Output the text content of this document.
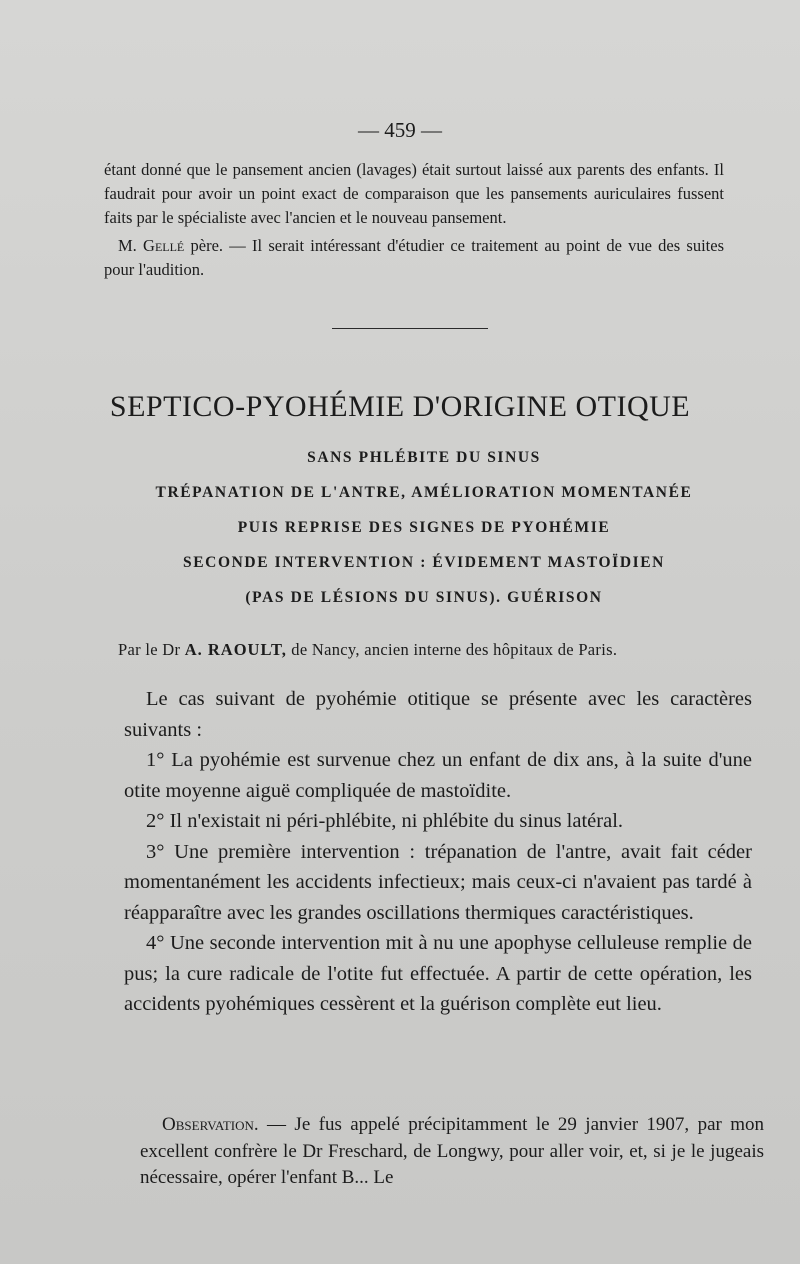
— 459 —

étant donné que le pansement ancien (lavages) était surtout laissé aux parents des enfants. Il faudrait pour avoir un point exact de comparaison que les pansements auriculaires fussent faits par le spécialiste avec l'ancien et le nouveau pansement.

M. Gellé père. — Il serait intéressant d'étudier ce traitement au point de vue des suites pour l'audition.

SEPTICO-PYOHÉMIE D'ORIGINE OTIQUE
SANS PHLÉBITE DU SINUS
TRÉPANATION DE L'ANTRE, AMÉLIORATION MOMENTANÉE
PUIS REPRISE DES SIGNES DE PYOHÉMIE
SECONDE INTERVENTION : ÉVIDEMENT MASTOÏDIEN
(PAS DE LÉSIONS DU SINUS). GUÉRISON
Par le Dr A. RAOULT, de Nancy, ancien interne des hôpitaux de Paris.

Le cas suivant de pyohémie otitique se présente avec les caractères suivants :

1° La pyohémie est survenue chez un enfant de dix ans, à la suite d'une otite moyenne aiguë compliquée de mastoïdite.

2° Il n'existait ni péri-phlébite, ni phlébite du sinus latéral.

3° Une première intervention : trépanation de l'antre, avait fait céder momentanément les accidents infectieux; mais ceux-ci n'avaient pas tardé à réapparaître avec les grandes oscillations thermiques caractéristiques.

4° Une seconde intervention mit à nu une apophyse celluleuse remplie de pus; la cure radicale de l'otite fut effectuée. A partir de cette opération, les accidents pyohémiques cessèrent et la guérison complète eut lieu.

Observation. — Je fus appelé précipitamment le 29 janvier 1907, par mon excellent confrère le Dr Freschard, de Longwy, pour aller voir, et, si je le jugeais nécessaire, opérer l'enfant B... Le
